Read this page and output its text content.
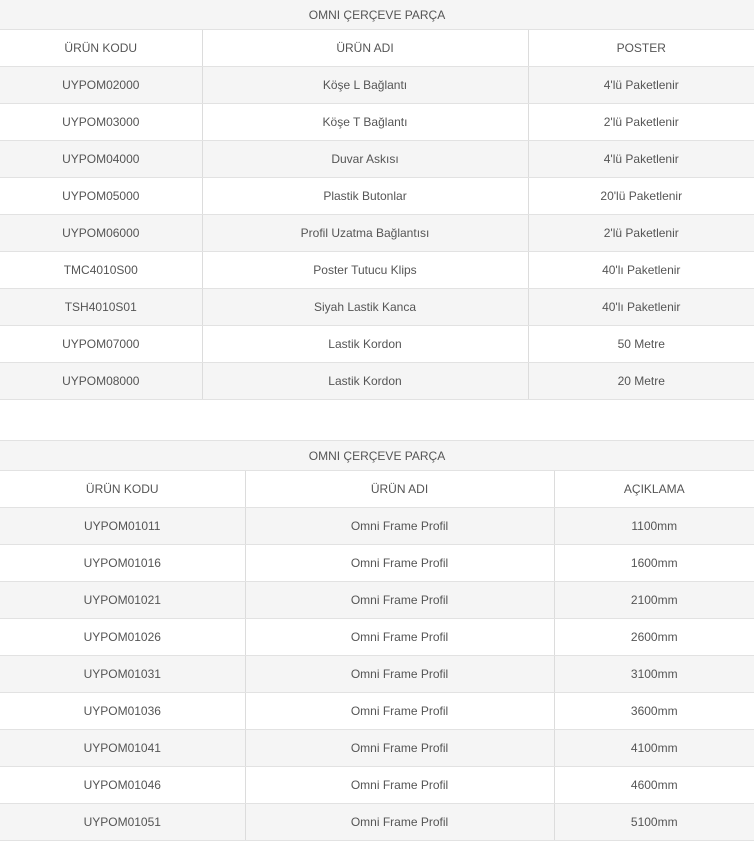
OMNI ÇERÇEVE PARÇA		
ÜRÜN KODU	ÜRÜN ADI	POSTER
UYPOM02000	Köşe L Bağlantı	4'lü Paketlenir
UYPOM03000	Köşe T Bağlantı	2'lü Paketlenir
UYPOM04000	Duvar Askısı	4'lü Paketlenir
UYPOM05000	Plastik Butonlar	20'lü Paketlenir
UYPOM06000	Profil Uzatma Bağlantısı	2'lü Paketlenir
TMC4010S00	Poster Tutucu Klips	40'lı Paketlenir
TSH4010S01	Siyah Lastik Kanca	40'lı Paketlenir
UYPOM07000	Lastik Kordon	50 Metre
UYPOM08000	Lastik Kordon	20 Metre
OMNI ÇERÇEVE PARÇA		
ÜRÜN KODU	ÜRÜN ADI	AÇIKLAMA
UYPOM01011	Omni Frame Profil	1100mm
UYPOM01016	Omni Frame Profil	1600mm
UYPOM01021	Omni Frame Profil	2100mm
UYPOM01026	Omni Frame Profil	2600mm
UYPOM01031	Omni Frame Profil	3100mm
UYPOM01036	Omni Frame Profil	3600mm
UYPOM01041	Omni Frame Profil	4100mm
UYPOM01046	Omni Frame Profil	4600mm
UYPOM01051	Omni Frame Profil	5100mm
